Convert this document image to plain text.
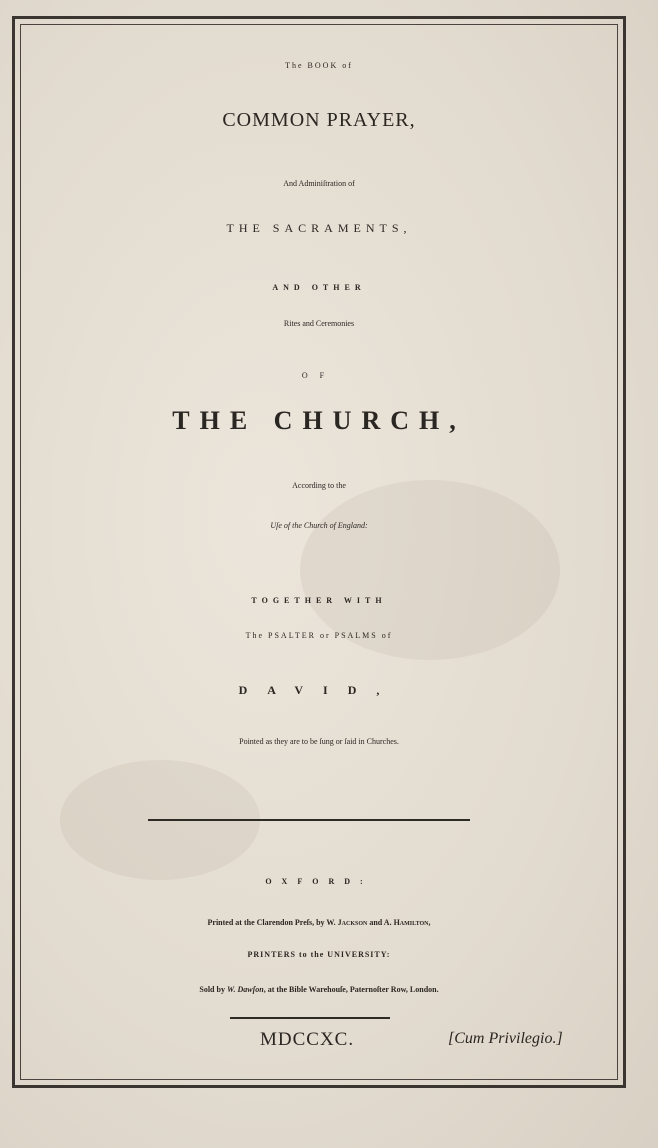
The BOOK of
COMMON PRAYER,
And Adminiſtration of
THE SACRAMENTS,
AND OTHER
Rites and Ceremonies
OF
THE CHURCH,
According to the
Uſe of the Church of England:
TOGETHER WITH
The PSALTER or PSALMS of
DAVID,
Pointed as they are to be ſung or ſaid in Churches.
OXFORD:
Printed at the Clarendon Preſs, by W. Jackson and A. Hamilton,
PRINTERS to the UNIVERSITY:
Sold by W. Dawſon, at the Bible Warehouſe, Paternoſter Row, London.
MDCCXC.	[Cum Privilegio.]
